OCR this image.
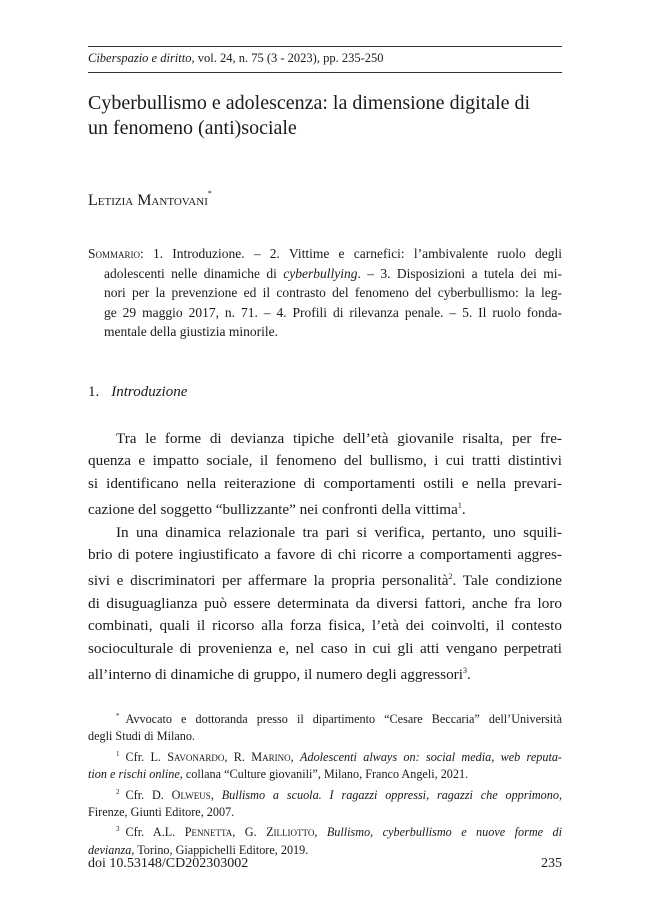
Ciberspazio e diritto, vol. 24, n. 75 (3 - 2023), pp. 235-250
Cyberbullismo e adolescenza: la dimensione digitale di
un fenomeno (anti)sociale
Letizia Mantovani*
Sommario: 1. Introduzione. – 2. Vittime e carnefici: l’ambivalente ruolo degli
adolescenti nelle dinamiche di cyberbullying. – 3. Disposizioni a tutela dei mi-
nori per la prevenzione ed il contrasto del fenomeno del cyberbullismo: la leg-
ge 29 maggio 2017, n. 71. – 4. Profili di rilevanza penale. – 5. Il ruolo fonda-
mentale della giustizia minorile.
1. Introduzione
Tra le forme di devianza tipiche dell’età giovanile risalta, per fre-
quenza e impatto sociale, il fenomeno del bullismo, i cui tratti distintivi
si identificano nella reiterazione di comportamenti ostili e nella prevari-
cazione del soggetto “bullizzante” nei confronti della vittima$^1$.
In una dinamica relazionale tra pari si verifica, pertanto, uno squili-
brio di potere ingiustificato a favore di chi ricorre a comportamenti aggres-
sivi e discriminatori per affermare la propria personalità$^2$. Tale condizione
di disuguaglianza può essere determinata da diversi fattori, anche fra loro
combinati, quali il ricorso alla forza fisica, l’età dei coinvolti, il contesto
socioculturale di provenienza e, nel caso in cui gli atti vengano perpetrati
all’interno di dinamiche di gruppo, il numero degli aggressori$^3$.
* Avvocato e dottoranda presso il dipartimento “Cesare Beccaria” dell’Università
degli Studi di Milano.
$^1$ Cfr. L. Savonardo, R. Marino, Adolescenti always on: social media, web reputa-
tion e rischi online, collana “Culture giovanili”, Milano, Franco Angeli, 2021.
$^2$ Cfr. D. Olweus, Bullismo a scuola. I ragazzi oppressi, ragazzi che opprimono,
Firenze, Giunti Editore, 2007.
$^3$ Cfr. A.L. Pennetta, G. Zilliotto, Bullismo, cyberbullismo e nuove forme di
devianza, Torino, Giappichelli Editore, 2019.
doi 10.53148/CD202303002	235
